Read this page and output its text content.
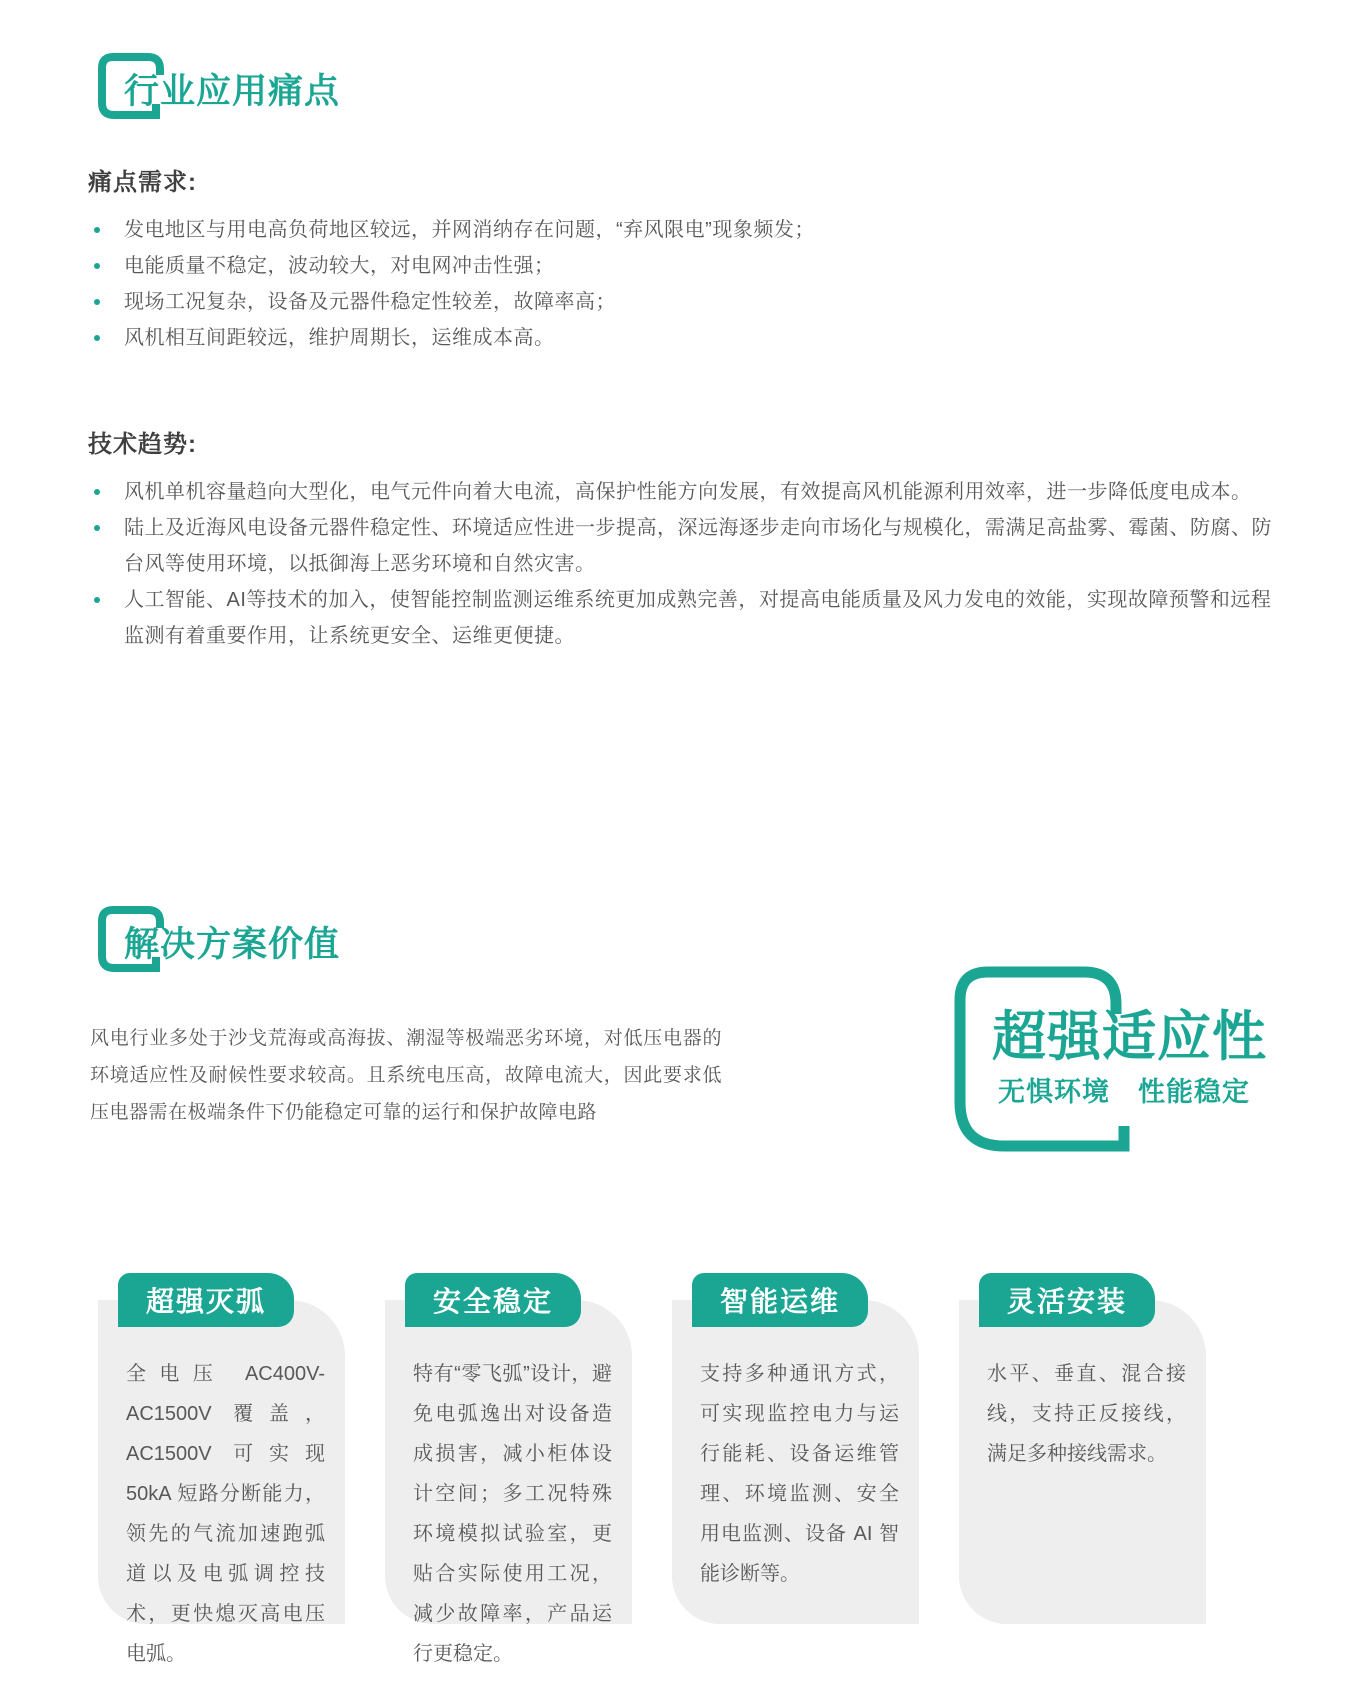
行业应用痛点
痛点需求:
发电地区与用电高负荷地区较远，并网消纳存在问题，“弃风限电”现象频发；
电能质量不稳定，波动较大，对电网冲击性强；
现场工况复杂，设备及元器件稳定性较差，故障率高；
风机相互间距较远，维护周期长，运维成本高。
技术趋势:
风机单机容量趋向大型化，电气元件向着大电流，高保护性能方向发展，有效提高风机能源利用效率，进一步降低度电成本。
陆上及近海风电设备元器件稳定性、环境适应性进一步提高，深远海逐步走向市场化与规模化，需满足高盐雾、霉菌、防腐、防台风等使用环境，以抵御海上恶劣环境和自然灾害。
人工智能、AI等技术的加入，使智能控制监测运维系统更加成熟完善，对提高电能质量及风力发电的效能，实现故障预警和远程监测有着重要作用，让系统更安全、运维更便捷。
解决方案价值

风电行业多处于沙戈荒海或高海拔、潮湿等极端恶劣环境，对低压电器的环境适应性及耐候性要求较高。且系统电压高，故障电流大，因此要求低压电器需在极端条件下仍能稳定可靠的运行和保护故障电路

超强适应性
无惧环境　性能稳定
超强灭弧

全电压 AC400V-AC1500V 覆盖，AC1500V 可实现 50kA 短路分断能力，领先的气流加速跑弧道以及电弧调控技术，更快熄灭高电压电弧。

安全稳定

特有“零飞弧”设计，避免电弧逸出对设备造成损害，减小柜体设计空间；多工况特殊环境模拟试验室，更贴合实际使用工况，减少故障率，产品运行更稳定。

智能运维

支持多种通讯方式，可实现监控电力与运行能耗、设备运维管理、环境监测、安全用电监测、设备 AI 智能诊断等。

灵活安装

水平、垂直、混合接线，支持正反接线，满足多种接线需求。
